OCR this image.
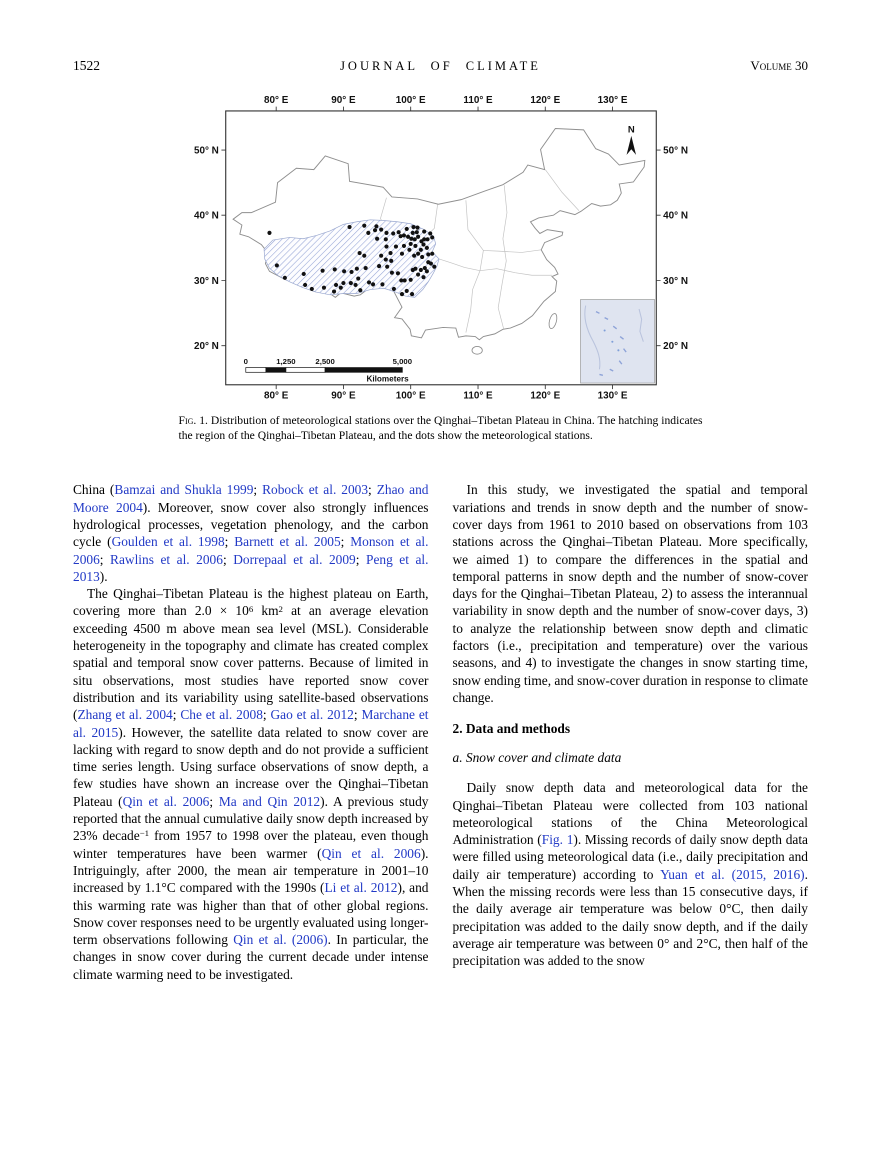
1522	JOURNAL OF CLIMATE	Volume 30
N
0	1,250 2,500	5,000
Kilometers
80° E	90° E	100° E	110° E	120° E	130° E
80° E	90° E	100° E	110° E	120° E	130° E
50° N
40° N
30° N
20° N
50° N
40° N
30° N
20° N
Fig. 1. Distribution of meteorological stations over the Qinghai–Tibetan Plateau in China. The hatching indicates the region of the Qinghai–Tibetan Plateau, and the dots show the meteorological stations.

China (Bamzai and Shukla 1999; Robock et al. 2003; Zhao and Moore 2004). Moreover, snow cover also strongly influences hydrological processes, vegetation phenology, and the carbon cycle (Goulden et al. 1998; Barnett et al. 2005; Monson et al. 2006; Rawlins et al. 2006; Dorrepaal et al. 2009; Peng et al. 2013).

The Qinghai–Tibetan Plateau is the highest plateau on Earth, covering more than $2.0 \times 10^6$ $km^2$ at an average elevation exceeding 4500 m above mean sea level (MSL). Considerable heterogeneity in the topography and climate has created complex spatial and temporal snow cover patterns. Because of limited in situ observations, most studies have reported snow cover distribution and its variability using satellite-based observations (Zhang et al. 2004; Che et al. 2008; Gao et al. 2012; Marchane et al. 2015). However, the satellite data related to snow cover are lacking with regard to snow depth and do not provide a sufficient time series length. Using surface observations of snow depth, a few studies have shown an increase over the Qinghai–Tibetan Plateau (Qin et al. 2006; Ma and Qin 2012). A previous study reported that the annual cumulative daily snow depth increased by 23% decade$^{-1}$ from 1957 to 1998 over the plateau, even though winter temperatures have been warmer (Qin et al. 2006). Intriguingly, after 2000, the mean air temperature in 2001–10 increased by 1.1°C compared with the 1990s (Li et al. 2012), and this warming rate was higher than that of other global regions. Snow cover responses need to be urgently evaluated using longer-term observations following Qin et al. (2006). In particular, the changes in snow cover during the current decade under intense climate warming need to be investigated.

In this study, we investigated the spatial and temporal variations and trends in snow depth and the number of snow-cover days from 1961 to 2010 based on observations from 103 stations across the Qinghai–Tibetan Plateau. More specifically, we aimed 1) to compare the differences in the spatial and temporal patterns in snow depth and the number of snow-cover days for the Qinghai–Tibetan Plateau, 2) to assess the interannual variability in snow depth and the number of snow-cover days, 3) to analyze the relationship between snow depth and climatic factors (i.e., precipitation and temperature) over the various seasons, and 4) to investigate the changes in snow starting time, snow ending time, and snow-cover duration in response to climate change.

2. Data and methods
a. Snow cover and climate data

Daily snow depth data and meteorological data for the Qinghai–Tibetan Plateau were collected from 103 national meteorological stations of the China Meteorological Administration (Fig. 1). Missing records of daily snow depth data were filled using meteorological data (i.e., daily precipitation and daily air temperature) according to Yuan et al. (2015, 2016). When the missing records were less than 15 consecutive days, if the daily average air temperature was below 0°C, then daily precipitation was added to the daily snow depth, and if the daily average air temperature was between 0° and 2°C, then half of the precipitation was added to the snow
